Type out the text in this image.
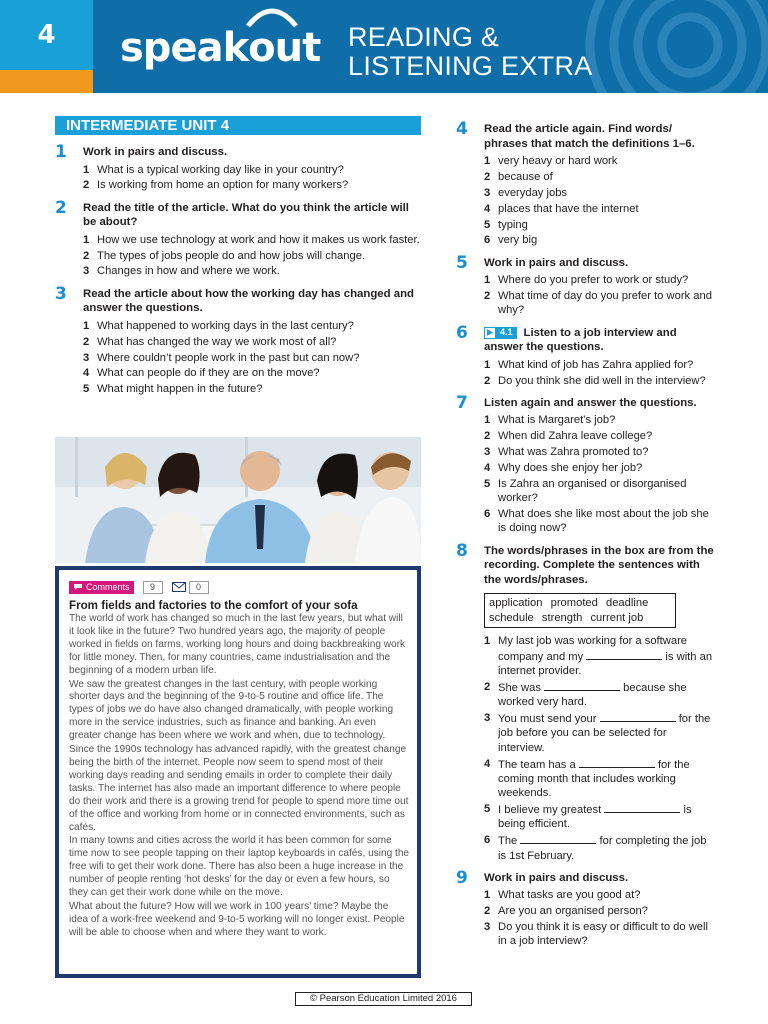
4	speak
out READING &
LISTENING EXTRA
INTERMEDIATE UNIT 4
1 Work in pairs and discuss.
1 What is a typical working day like in your country?
2 Is working from home an option for many workers?
2 Read the title of the article. What do you think the article will be about?
1 How we use technology at work and how it makes us work faster.
2 The types of jobs people do and how jobs will change.
3 Changes in how and where we work.
3 Read the article about how the working day has changed and answer the questions.
1 What happened to working days in the last century?
2 What has changed the way we work most of all?
3 Where couldn’t people work in the past but can now?
4 What can people do if they are on the move?
5 What might happen in the future?
Comments	9	0
From fields and factories to the comfort of your sofa

The world of work has changed so much in the last few years, but what will it look like in the future? Two hundred years ago, the majority of people worked in fields on farms, working long hours and doing backbreaking work for little money. Then, for many countries, came industrialisation and the beginning of a modern urban life.

We saw the greatest changes in the last century, with people working shorter days and the beginning of the 9-to-5 routine and office life. The types of jobs we do have also changed dramatically, with people working more in the service industries, such as finance and banking. An even greater change has been where we work and when, due to technology.

Since the 1990s technology has advanced rapidly, with the greatest change being the birth of the internet. People now seem to spend most of their working days reading and sending emails in order to complete their daily tasks. The internet has also made an important difference to where people do their work and there is a growing trend for people to spend more time out of the office and working from home or in connected environments, such as cafés.

In many towns and cities across the world it has been common for some time now to see people tapping on their laptop keyboards in cafés, using the free wifi to get their work done. There has also been a huge increase in the number of people renting ‘hot desks’ for the day or even a few hours, so they can get their work done while on the move.

What about the future? How will we work in 100 years’ time? Maybe the idea of a work-free weekend and 9-to-5 working will no longer exist. People will be able to choose when and where they want to work.

4 Read the article again. Find words/ phrases that match the definitions 1–6.
1 very heavy or hard work
2 because of
3 everyday jobs
4 places that have the internet
5 typing
6 very big
5 Work in pairs and discuss.
1 Where do you prefer to work or study?
2 What time of day do you prefer to work and why?
6	4.1 Listen to a job interview and answer the questions.
1 What kind of job has Zahra applied for?
2 Do you think she did well in the interview?
7 Listen again and answer the questions.
1 What is Margaret’s job?
2 When did Zahra leave college?
3 What was Zahra promoted to?
4 Why does she enjoy her job?
5 Is Zahra an organised or disorganised worker?
6 What does she like most about the job she is doing now?
8 The words/phrases in the box are from the recording. Complete the sentences with the words/phrases.
application promoted deadline
schedule strength current job
1 My last job was working for a software company and my	is with an internet provider.
2 She was	because she worked very hard.
3 You must send your	for the job before you can be selected for interview.
4 The team has a	for the coming month that includes working weekends.
5 I believe my greatest	is being efficient.
6 The	for completing the job is 1st February.
9 Work in pairs and discuss.
1 What tasks are you good at?
2 Are you an organised person?
3 Do you think it is easy or difficult to do well in a job interview?
© Pearson Education Limited 2016
